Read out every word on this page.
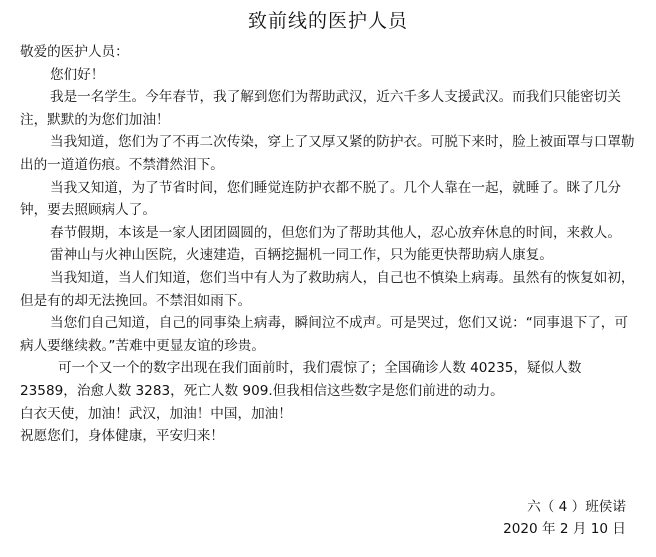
致前线的医护人员

敬爱的医护人员：

您们好！

我是一名学生。今年春节，我了解到您们为帮助武汉，近六千多人支援武汉。而我们只能密切关注，默默的为您们加油！

当我知道，您们为了不再二次传染，穿上了又厚又紧的防护衣。可脱下来时，脸上被面罩与口罩勒出的一道道伤痕。不禁潸然泪下。

当我又知道，为了节省时间，您们睡觉连防护衣都不脱了。几个人靠在一起，就睡了。眯了几分钟，要去照顾病人了。

春节假期，本该是一家人团团圆圆的，但您们为了帮助其他人，忍心放弃休息的时间，来救人。

雷神山与火神山医院，火速建造，百辆挖掘机一同工作，只为能更快帮助病人康复。

当我知道，当人们知道，您们当中有人为了救助病人，自己也不慎染上病毒。虽然有的恢复如初，但是有的却无法挽回。不禁泪如雨下。

当您们自己知道，自己的同事染上病毒，瞬间泣不成声。可是哭过，您们又说：“同事退下了，可病人要继续救。”苦难中更显友谊的珍贵。

可一个又一个的数字出现在我们面前时，我们震惊了；全国确诊人数 40235，疑似人数 23589，治愈人数 3283，死亡人数 909.但我相信这些数字是您们前进的动力。

白衣天使，加油！武汉，加油！中国，加油！

祝愿您们，身体健康，平安归来！

六（ 4 ）班侯诺
2020 年 2 月 10 日
